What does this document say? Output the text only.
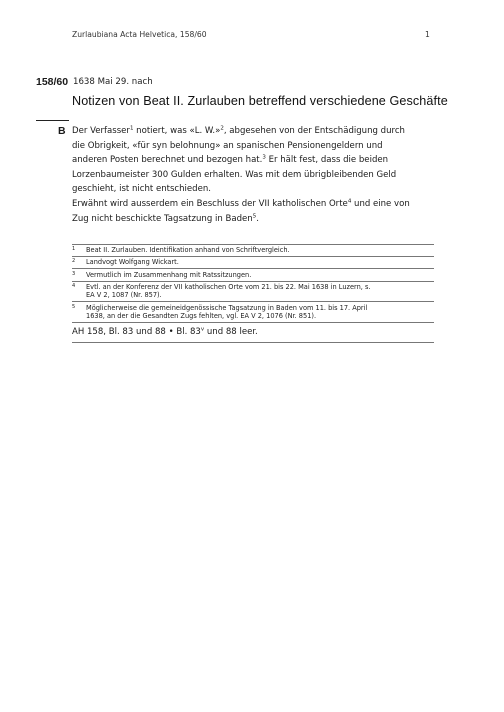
Zurlaubiana Acta Helvetica, 158/60	1
158/60 1638 Mai 29. nach
Notizen von Beat II. Zurlauben betreffend verschiedene Geschäfte
B Der Verfasser$^1$ notiert, was «L. W.»$^2$, abgesehen von der Entschädigung durch
die Obrigkeit, «für syn belohnung» an spanischen Pensionengeldern und
anderen Posten berechnet und bezogen hat.$^3$ Er hält fest, dass die beiden
Lorzenbaumeister 300 Gulden erhalten. Was mit dem übrigbleibenden Geld
geschieht, ist nicht entschieden.
Erwähnt wird ausserdem ein Beschluss der VII katholischen Orte$^4$ und eine von
Zug nicht beschickte Tagsatzung in Baden$^5$.
1	Beat II. Zurlauben. Identifikation anhand von Schriftvergleich.
2	Landvogt Wolfgang Wickart.
3	Vermutlich im Zusammenhang mit Ratssitzungen.
4	Evtl. an der Konferenz der VII katholischen Orte vom 21. bis 22. Mai 1638 in Luzern, s.
EA V 2, 1087 (Nr. 857).
5	Möglicherweise die gemeineidgenössische Tagsatzung in Baden vom 11. bis 17. April
1638, an der die Gesandten Zugs fehlten, vgl. EA V 2, 1076 (Nr. 851).
AH 158, Bl. 83 und 88 • Bl. 83$^v$ und 88 leer.
